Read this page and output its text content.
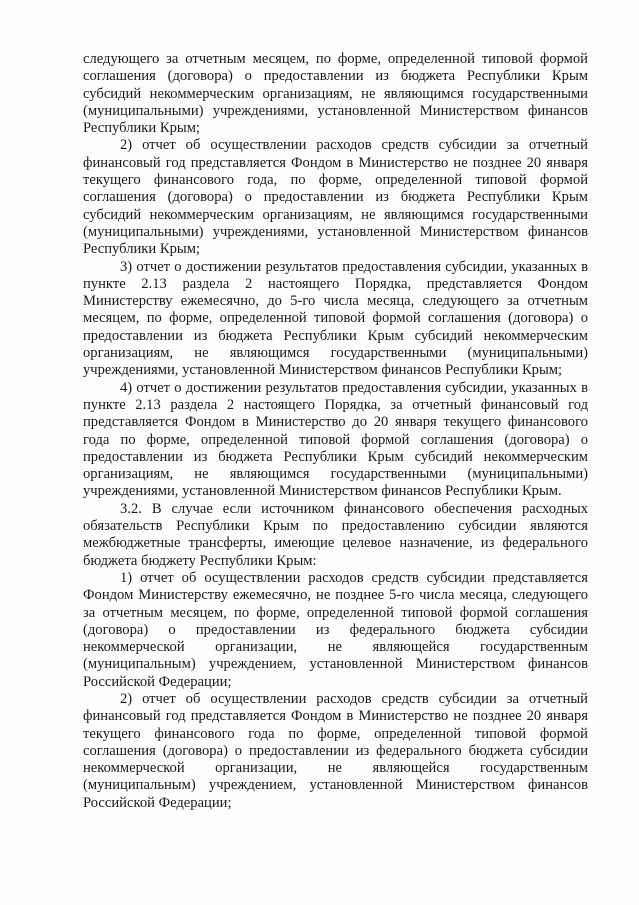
следующего за отчетным месяцем, по форме, определенной типовой формой соглашения (договора) о предоставлении из бюджета Республики Крым субсидий некоммерческим организациям, не являющимся государственными (муниципальными) учреждениями, установленной Министерством финансов Республики Крым;

2) отчет об осуществлении расходов средств субсидии за отчетный финансовый год представляется Фондом в Министерство не позднее 20 января текущего финансового года, по форме, определенной типовой формой соглашения (договора) о предоставлении из бюджета Республики Крым субсидий некоммерческим организациям, не являющимся государственными (муниципальными) учреждениями, установленной Министерством финансов Республики Крым;

3) отчет о достижении результатов предоставления субсидии, указанных в пункте 2.13 раздела 2 настоящего Порядка, представляется Фондом Министерству ежемесячно, до 5-го числа месяца, следующего за отчетным месяцем, по форме, определенной типовой формой соглашения (договора) о предоставлении из бюджета Республики Крым субсидий некоммерческим организациям, не являющимся государственными (муниципальными) учреждениями, установленной Министерством финансов Республики Крым;

4) отчет о достижении результатов предоставления субсидии, указанных в пункте 2.13 раздела 2 настоящего Порядка, за отчетный финансовый год представляется Фондом в Министерство до 20 января текущего финансового года по форме, определенной типовой формой соглашения (договора) о предоставлении из бюджета Республики Крым субсидий некоммерческим организациям, не являющимся государственными (муниципальными) учреждениями, установленной Министерством финансов Республики Крым.

3.2. В случае если источником финансового обеспечения расходных обязательств Республики Крым по предоставлению субсидии являются межбюджетные трансферты, имеющие целевое назначение, из федерального бюджета бюджету Республики Крым:

1) отчет об осуществлении расходов средств субсидии представляется Фондом Министерству ежемесячно, не позднее 5-го числа месяца, следующего за отчетным месяцем, по форме, определенной типовой формой соглашения (договора) о предоставлении из федерального бюджета субсидии некоммерческой организации, не являющейся государственным (муниципальным) учреждением, установленной Министерством финансов Российской Федерации;

2) отчет об осуществлении расходов средств субсидии за отчетный финансовый год представляется Фондом в Министерство не позднее 20 января текущего финансового года по форме, определенной типовой формой соглашения (договора) о предоставлении из федерального бюджета субсидии некоммерческой организации, не являющейся государственным (муниципальным) учреждением, установленной Министерством финансов Российской Федерации;
